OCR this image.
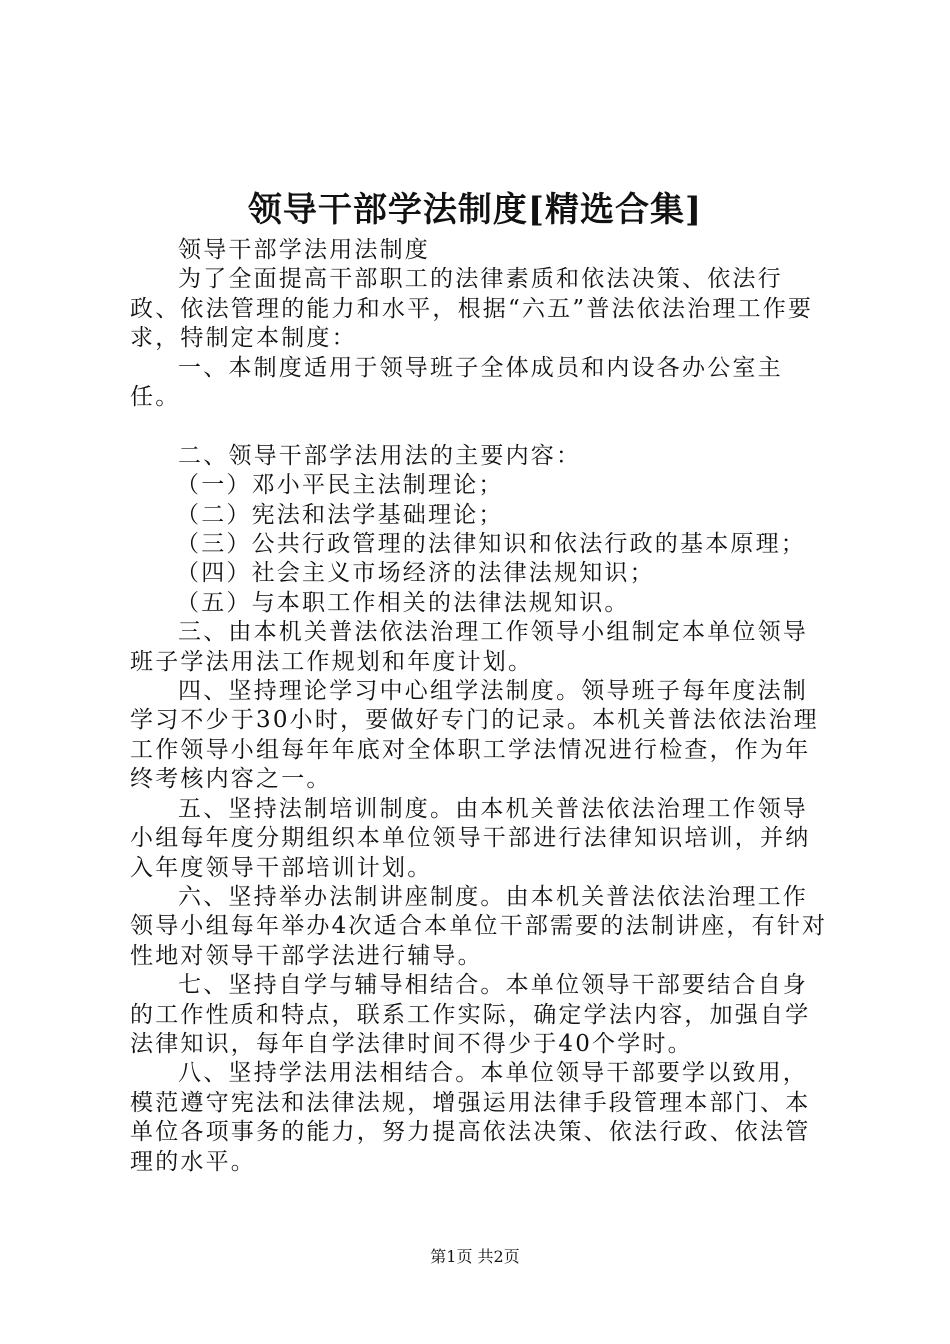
领导干部学法制度[精选合集]

领导干部学法用法制度

为了全面提高干部职工的法律素质和依法决策、依法行政、依法管理的能力和水平，根据“六五”普法依法治理工作要求，特制定本制度：

一、本制度适用于领导班子全体成员和内设各办公室主任。

二、领导干部学法用法的主要内容：

（一）邓小平民主法制理论；

（二）宪法和法学基础理论；

（三）公共行政管理的法律知识和依法行政的基本原理；

（四）社会主义市场经济的法律法规知识；

（五）与本职工作相关的法律法规知识。

三、由本机关普法依法治理工作领导小组制定本单位领导班子学法用法工作规划和年度计划。

四、坚持理论学习中心组学法制度。领导班子每年度法制学习不少于30小时，要做好专门的记录。本机关普法依法治理工作领导小组每年年底对全体职工学法情况进行检查，作为年终考核内容之一。

五、坚持法制培训制度。由本机关普法依法治理工作领导小组每年度分期组织本单位领导干部进行法律知识培训，并纳入年度领导干部培训计划。

六、坚持举办法制讲座制度。由本机关普法依法治理工作领导小组每年举办4次适合本单位干部需要的法制讲座，有针对性地对领导干部学法进行辅导。

七、坚持自学与辅导相结合。本单位领导干部要结合自身的工作性质和特点，联系工作实际，确定学法内容，加强自学法律知识，每年自学法律时间不得少于40个学时。

八、坚持学法用法相结合。本单位领导干部要学以致用，模范遵守宪法和法律法规，增强运用法律手段管理本部门、本单位各项事务的能力，努力提高依法决策、依法行政、依法管理的水平。

第1页 共2页
